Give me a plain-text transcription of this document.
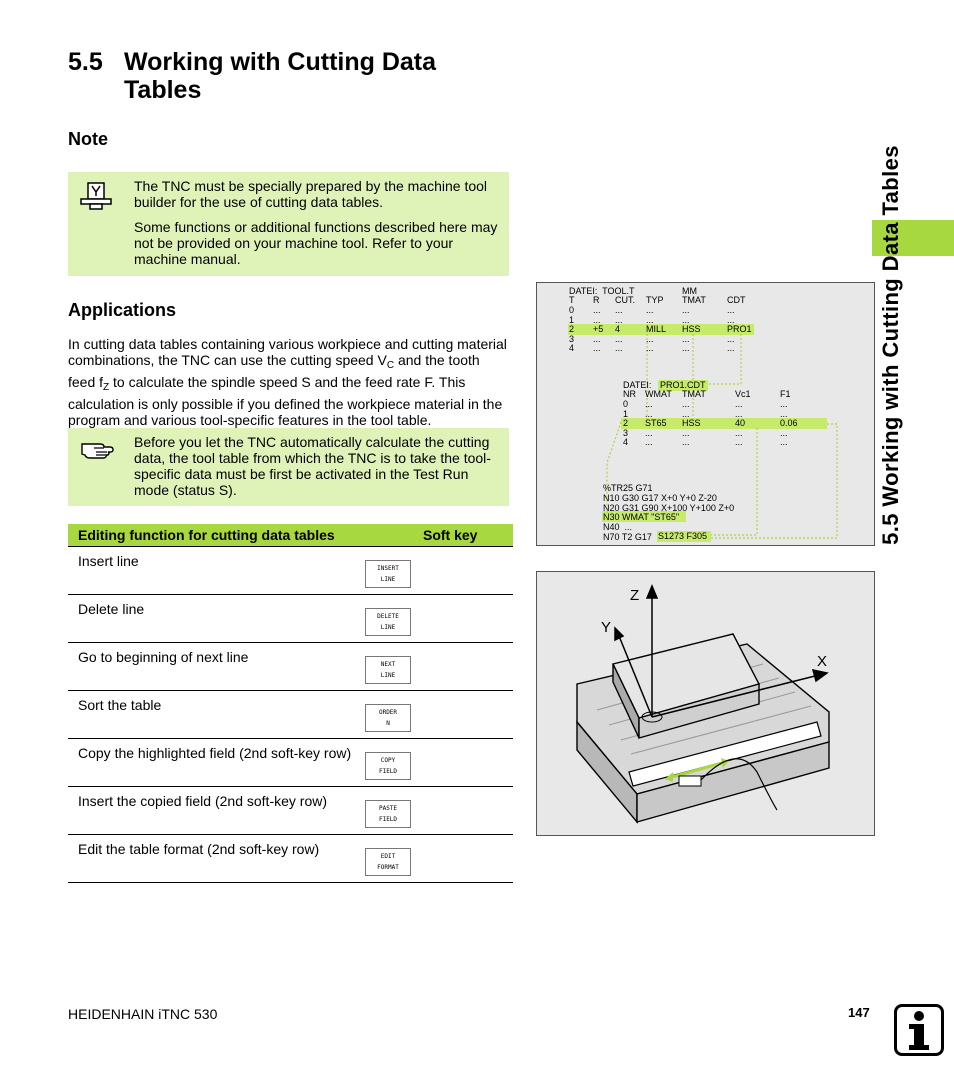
5.5 Working with Cutting Data
Tables
5.5 Working with Cutting Data Tables
Note

The TNC must be specially prepared by the machine tool builder for the use of cutting data tables.

Some functions or additional functions described here may not be provided on your machine tool. Refer to your machine manual.

Applications
In cutting data tables containing various workpiece and cutting material combinations, the TNC can use the cutting speed $V_C$ and the tooth feed $f_Z$ to calculate the spindle speed S and the feed rate F. This calculation is only possible if you defined the workpiece material in the program and various tool-specific features in the tool table.

Before you let the TNC automatically calculate the cutting data, the tool table from which the TNC is to take the tool-specific data must be first be activated in the Test Run mode (status S).

Editing function for cutting data tables	Soft key
Insert line	INSERT
LINE

Delete line	DELETE
LINE

Go to beginning of next line	NEXT
LINE

Sort the table	ORDER
N

Copy the highlighted field (2nd soft-key row)	COPY
FIELD

Insert the copied field (2nd soft-key row)	PASTE
FIELD

Edit the table format (2nd soft-key row)	EDIT
FORMAT
DATEI:  TOOL.T	MM
T R CUT. TYP TMAT CDT
0 ... ...	...	...	...
1 ... ...	...	...	...
2 +5 4	MILL HSS	PRO1
3 ... ...	...	...	...
4 ... ...	...	...	...
DATEI: PRO1.CDT
NR WMAT TMAT	Vc1	F1
0 ...	...	...	...
1 ...	...	...	...
2 ST65 HSS	40	0.06
3 ...	...	...	...
4 ...	...	...	...
%TR25 G71
N10 G30 G17 X+0 Y+0 Z-20
N20 G31 G90 X+100 Y+100 Z+0
N30 WMAT "ST65"
N40  ...
N70 T2 G17 S1273 F305
Z
Y
X
HEIDENHAIN iTNC 530	147
